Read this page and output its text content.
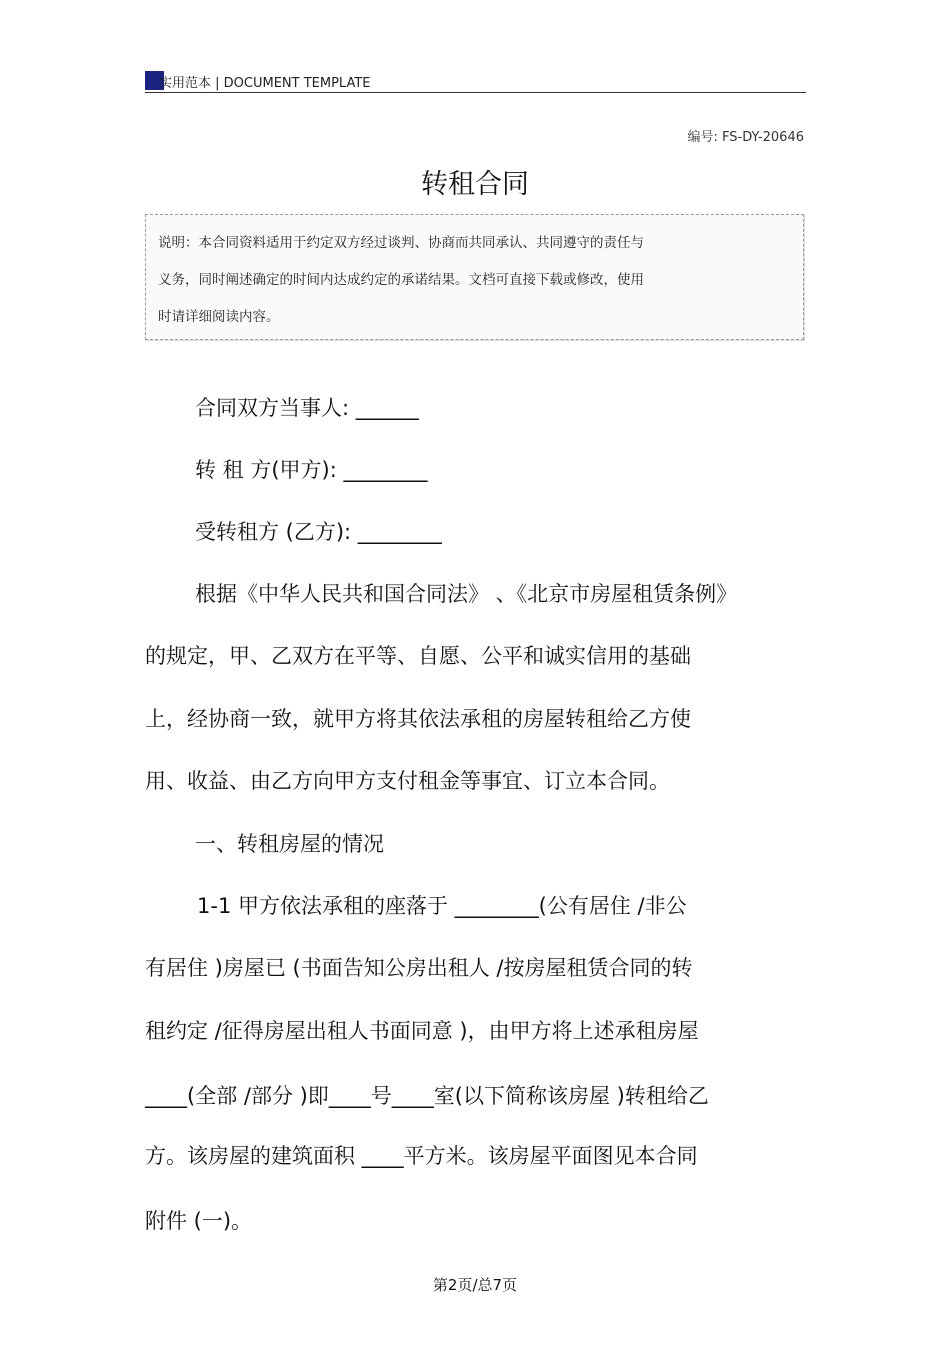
实用范本 | DOCUMENT TEMPLATE
编号: FS-DY-20646
转租合同
说明：本合同资料适用于约定双方经过谈判、协商而共同承认、共同遵守的责任与
义务，同时阐述确定的时间内达成约定的承诺结果。文档可直接下载或修改，使用
时请详细阅读内容。
合同双方当事人: ______
转 租 方(甲方): ________
受转租方 (乙方): ________
根据《中华人民共和国合同法》 、《北京市房屋租赁条例》
的规定，甲、乙双方在平等、自愿、公平和诚实信用的基础
上，经协商一致，就甲方将其依法承租的房屋转租给乙方使
用、收益、由乙方向甲方支付租金等事宜、订立本合同。
一、转租房屋的情况
1-1 甲方依法承租的座落于 ________(公有居住 /非公
有居住 )房屋已 (书面告知公房出租人 /按房屋租赁合同的转
租约定 /征得房屋出租人书面同意 )，由甲方将上述承租房屋
____(全部 /部分 )即____号____室(以下简称该房屋 )转租给乙
方。该房屋的建筑面积 ____平方米。该房屋平面图见本合同
附件 (一)。
第2页/总7页
